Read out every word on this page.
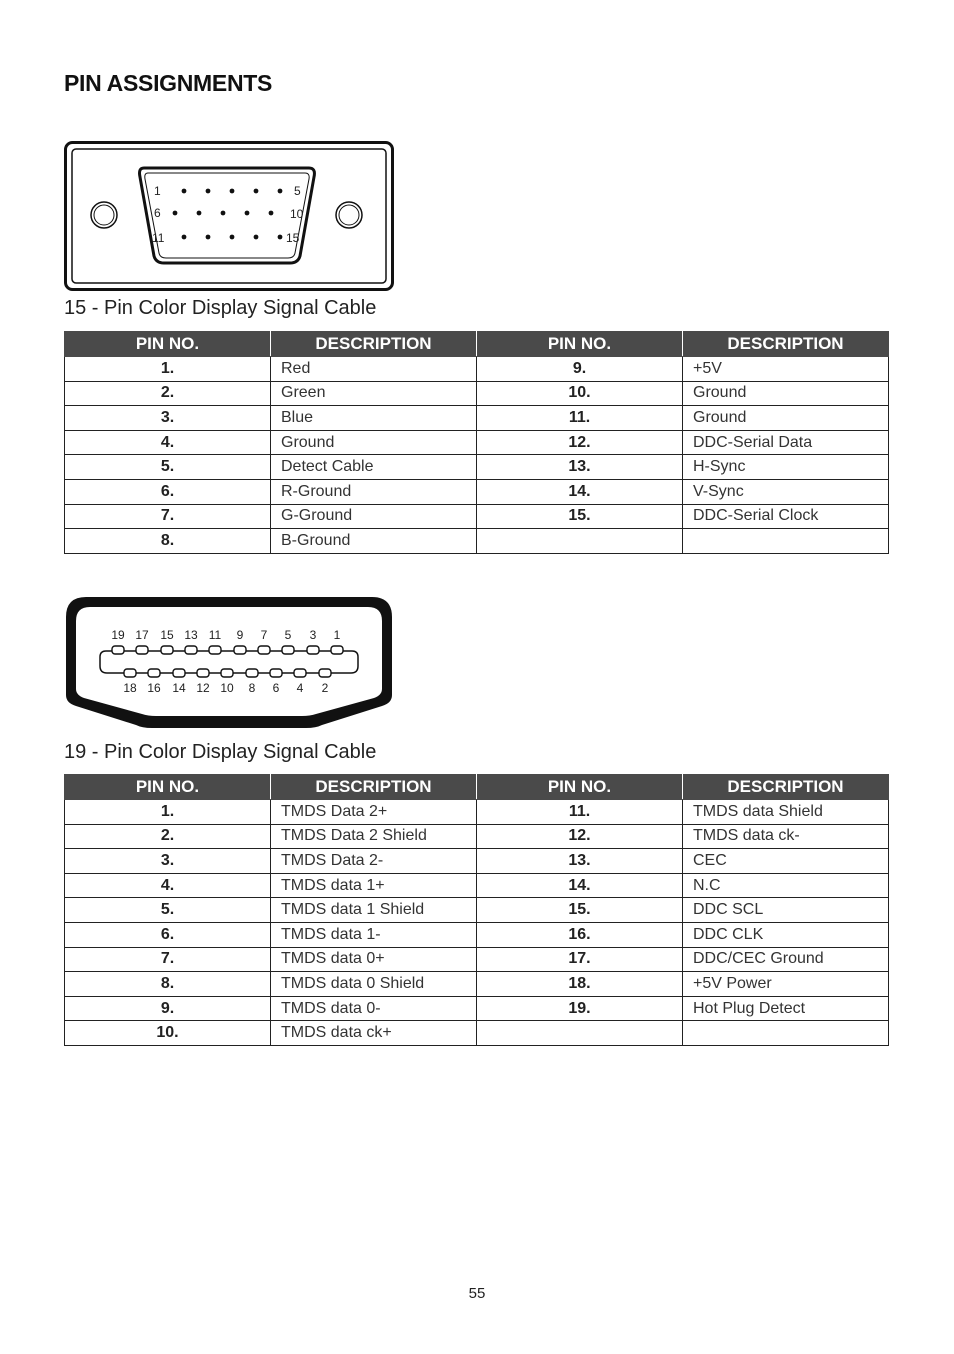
PIN ASSIGNMENTS
1	5
6	10
11	15
15 - Pin Color Display Signal Cable
PIN NO.	DESCRIPTION	PIN NO.	DESCRIPTION
1.	Red	9.	+5V
2.	Green	10.	Ground
3.	Blue	11.	Ground
4.	Ground	12.	DDC-Serial Data
5.	Detect Cable	13.	H-Sync
6.	R-Ground	14.	V-Sync
7.	G-Ground	15.	DDC-Serial Clock
8.	B-Ground		
19 17 15 13 11 9 7 5 3 1
18 16 14 12 10 8 6 4 2
19 - Pin Color Display Signal Cable
PIN NO.	DESCRIPTION	PIN NO.	DESCRIPTION
1.	TMDS Data 2+	11.	TMDS data Shield
2.	TMDS Data 2 Shield	12.	TMDS data ck-
3.	TMDS Data 2-	13.	CEC
4.	TMDS data 1+	14.	N.C
5.	TMDS data 1 Shield	15.	DDC SCL
6.	TMDS data 1-	16.	DDC CLK
7.	TMDS data 0+	17.	DDC/CEC Ground
8.	TMDS data 0 Shield	18.	+5V Power
9.	TMDS data 0-	19.	Hot Plug Detect
10.	TMDS data ck+		
55
